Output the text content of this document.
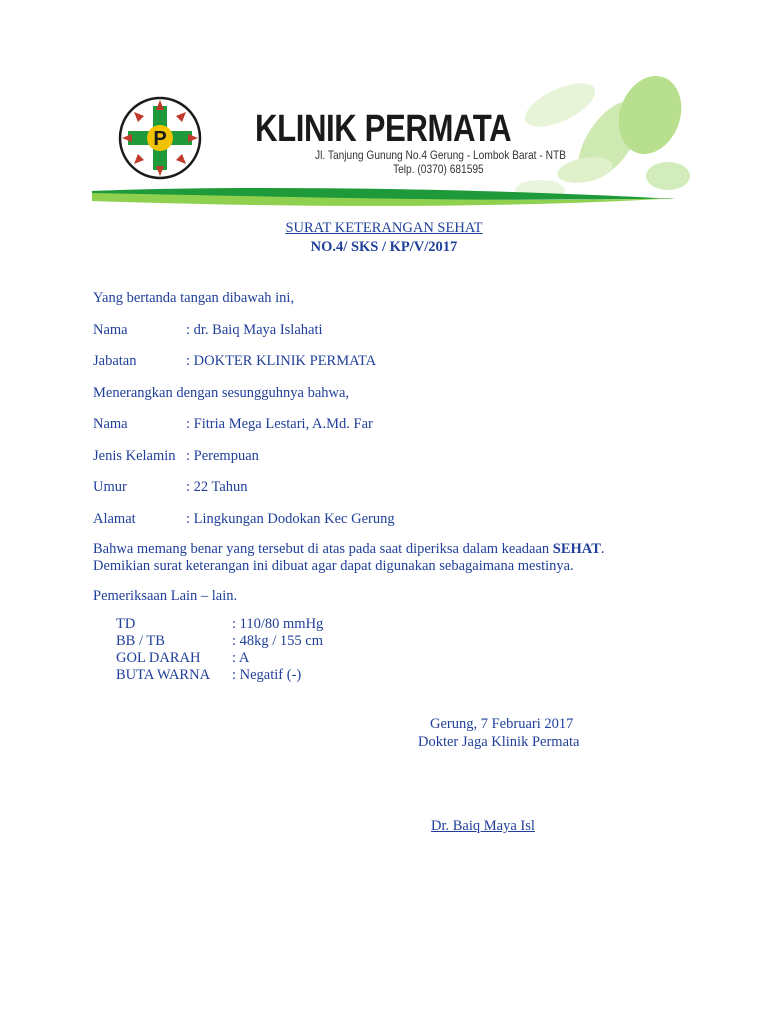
P KLINIK PERMATA
Jl. Tanjung Gunung No.4 Gerung - Lombok Barat - NTB
Telp. (0370) 681595
SURAT KETERANGAN SEHAT
NO.4/ SKS / KP/V/2017
Yang bertanda tangan dibawah ini,
Nama	: dr. Baiq Maya Islahati
Jabatan	: DOKTER KLINIK PERMATA
Menerangkan dengan sesungguhnya bahwa,
Nama	: Fitria Mega Lestari, A.Md. Far
Jenis Kelamin : Perempuan
Umur	: 22 Tahun
Alamat	: Lingkungan Dodokan Kec Gerung
Bahwa memang benar yang tersebut di atas pada saat diperiksa dalam keadaan SEHAT.
Demikian surat keterangan ini dibuat agar dapat digunakan sebagaimana mestinya.
Pemeriksaan Lain – lain.
TD	: 110/80 mmHg
BB / TB	: 48kg / 155 cm
GOL DARAH : A
BUTA WARNA : Negatif (-)
Gerung, 7 Februari 2017
Dokter Jaga Klinik Permata
Dr. Baiq Maya Isl
